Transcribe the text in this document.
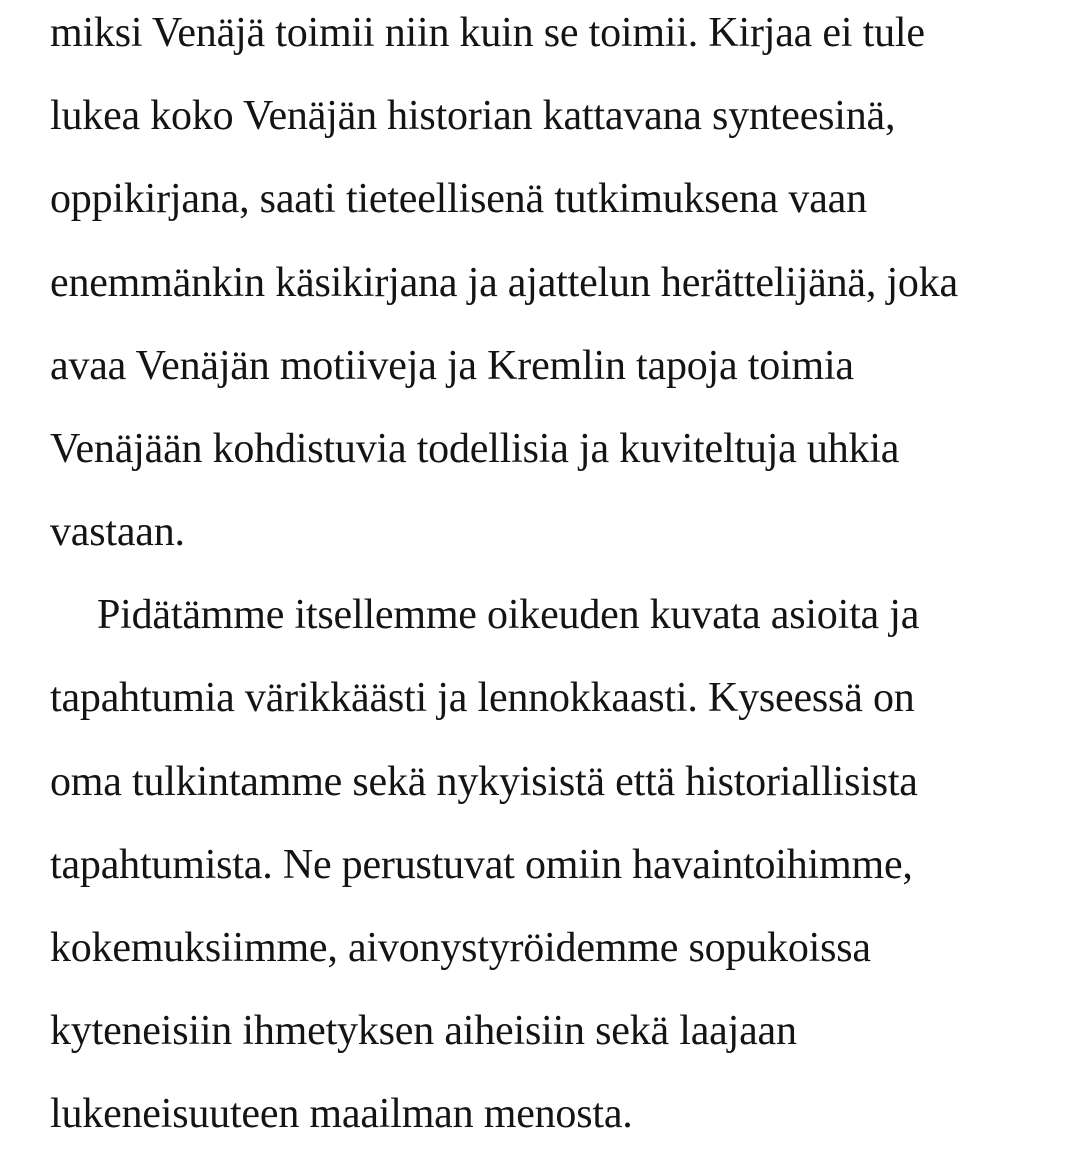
miksi Venäjä toimii niin kuin se toimii. Kirjaa ei tule
lukea koko Venäjän historian kattavana synteesinä,
oppikirjana, saati tieteellisenä tutkimuksena vaan
enemmänkin käsikirjana ja ajattelun herättelijänä, joka
avaa Venäjän motiiveja ja Kremlin tapoja toimia
Venäjään kohdistuvia todellisia ja kuviteltuja uhkia
vastaan.
Pidätämme itsellemme oikeuden kuvata asioita ja
tapahtumia värikkäästi ja lennokkaasti. Kyseessä on
oma tulkintamme sekä nykyisistä että historiallisista
tapahtumista. Ne perustuvat omiin havaintoihimme,
kokemuksiimme, aivonystyröidemme sopukoissa
kyteneisiin ihmetyksen aiheisiin sekä laajaan
lukeneisuuteen maailman menosta.
